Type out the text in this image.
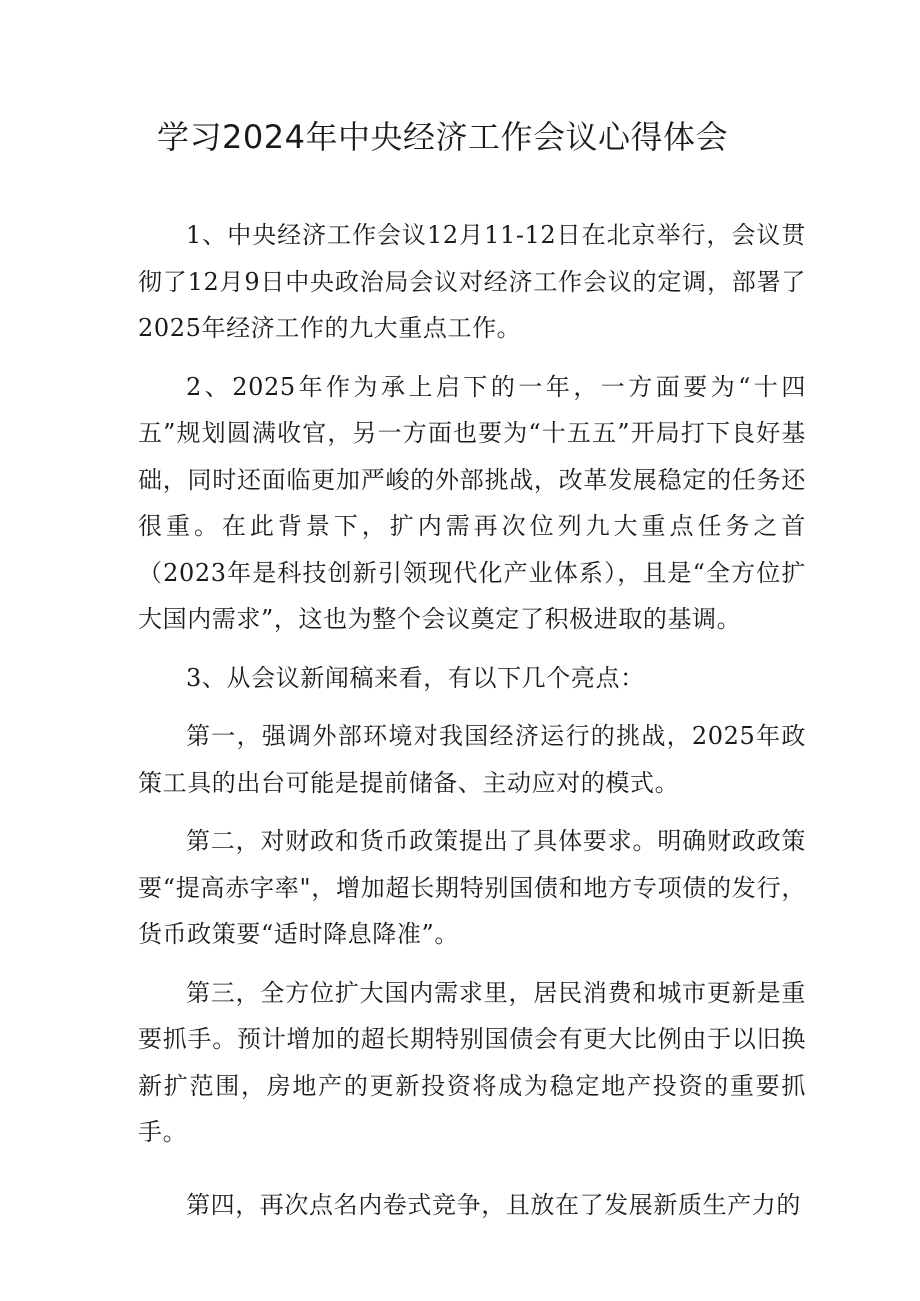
学习2024年中央经济工作会议心得体会

1、中央经济工作会议12月11-12日在北京举行，会议贯彻了12月9日中央政治局会议对经济工作会议的定调，部署了2025年经济工作的九大重点工作。

2、2025年作为承上启下的一年，一方面要为“十四五”规划圆满收官，另一方面也要为“十五五”开局打下良好基础，同时还面临更加严峻的外部挑战，改革发展稳定的任务还很重。在此背景下，扩内需再次位列九大重点任务之首（2023年是科技创新引领现代化产业体系），且是“全方位扩大国内需求”，这也为整个会议奠定了积极进取的基调。

3、从会议新闻稿来看，有以下几个亮点：

第一，强调外部环境对我国经济运行的挑战，2025年政策工具的出台可能是提前储备、主动应对的模式。

第二，对财政和货币政策提出了具体要求。明确财政政策要“提高赤字率"，增加超长期特别国债和地方专项债的发行，货币政策要“适时降息降准”。

第三，全方位扩大国内需求里，居民消费和城市更新是重要抓手。预计增加的超长期特别国债会有更大比例由于以旧换新扩范围，房地产的更新投资将成为稳定地产投资的重要抓手。

第四，再次点名内卷式竞争，且放在了发展新质生产力的
